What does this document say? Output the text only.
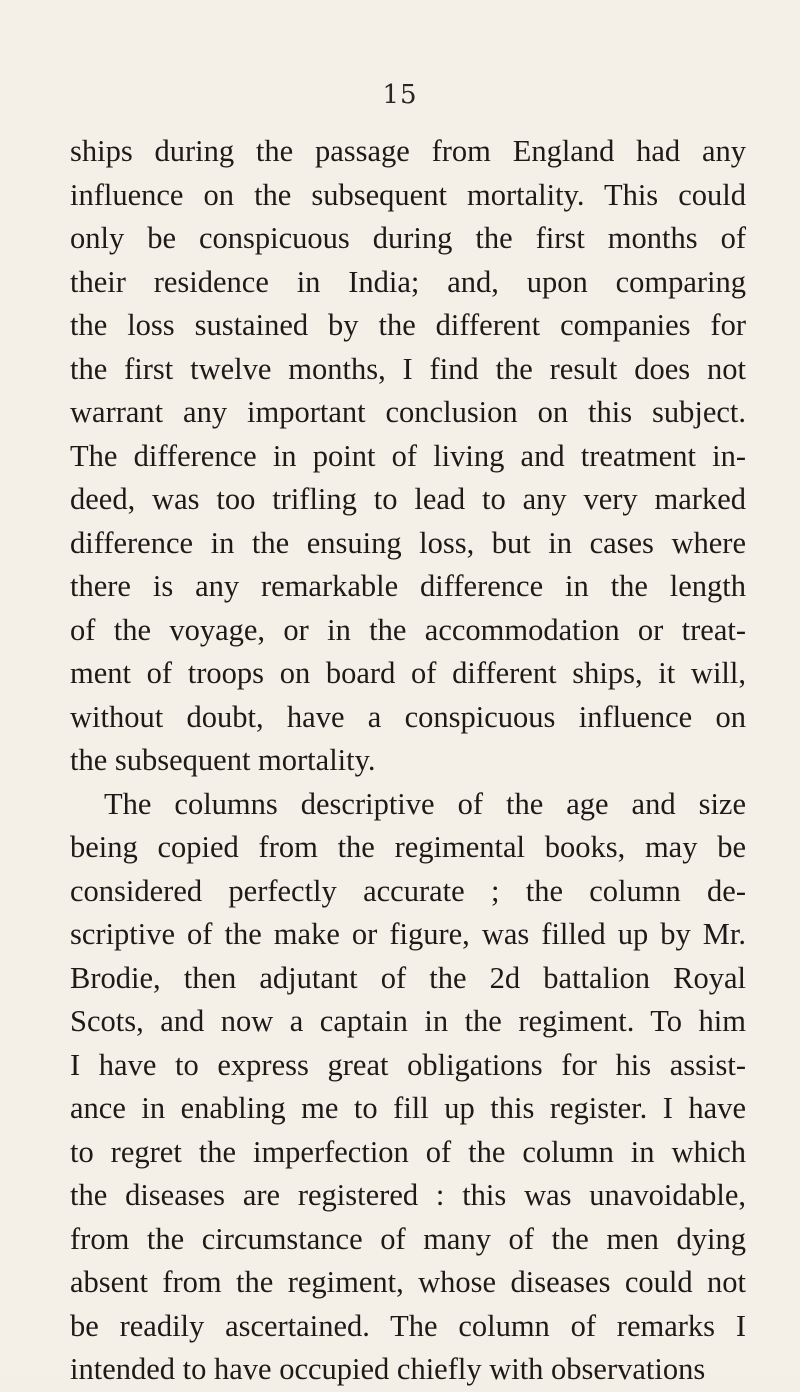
15
ships during the passage from England had any
influence on the subsequent mortality. This could
only be conspicuous during the first months of
their residence in India; and, upon comparing
the loss sustained by the different companies for
the first twelve months, I find the result does not
warrant any important conclusion on this subject.
The difference in point of living and treatment in-
deed, was too trifling to lead to any very marked
difference in the ensuing loss, but in cases where
there is any remarkable difference in the length
of the voyage, or in the accommodation or treat-
ment of troops on board of different ships, it will,
without doubt, have a conspicuous influence on
the subsequent mortality.
The columns descriptive of the age and size
being copied from the regimental books, may be
considered perfectly accurate ; the column de-
scriptive of the make or figure, was filled up by Mr.
Brodie, then adjutant of the 2d battalion Royal
Scots, and now a captain in the regiment. To him
I have to express great obligations for his assist-
ance in enabling me to fill up this register. I have
to regret the imperfection of the column in which
the diseases are registered : this was unavoidable,
from the circumstance of many of the men dying
absent from the regiment, whose diseases could not
be readily ascertained. The column of remarks I
intended to have occupied chiefly with observations
